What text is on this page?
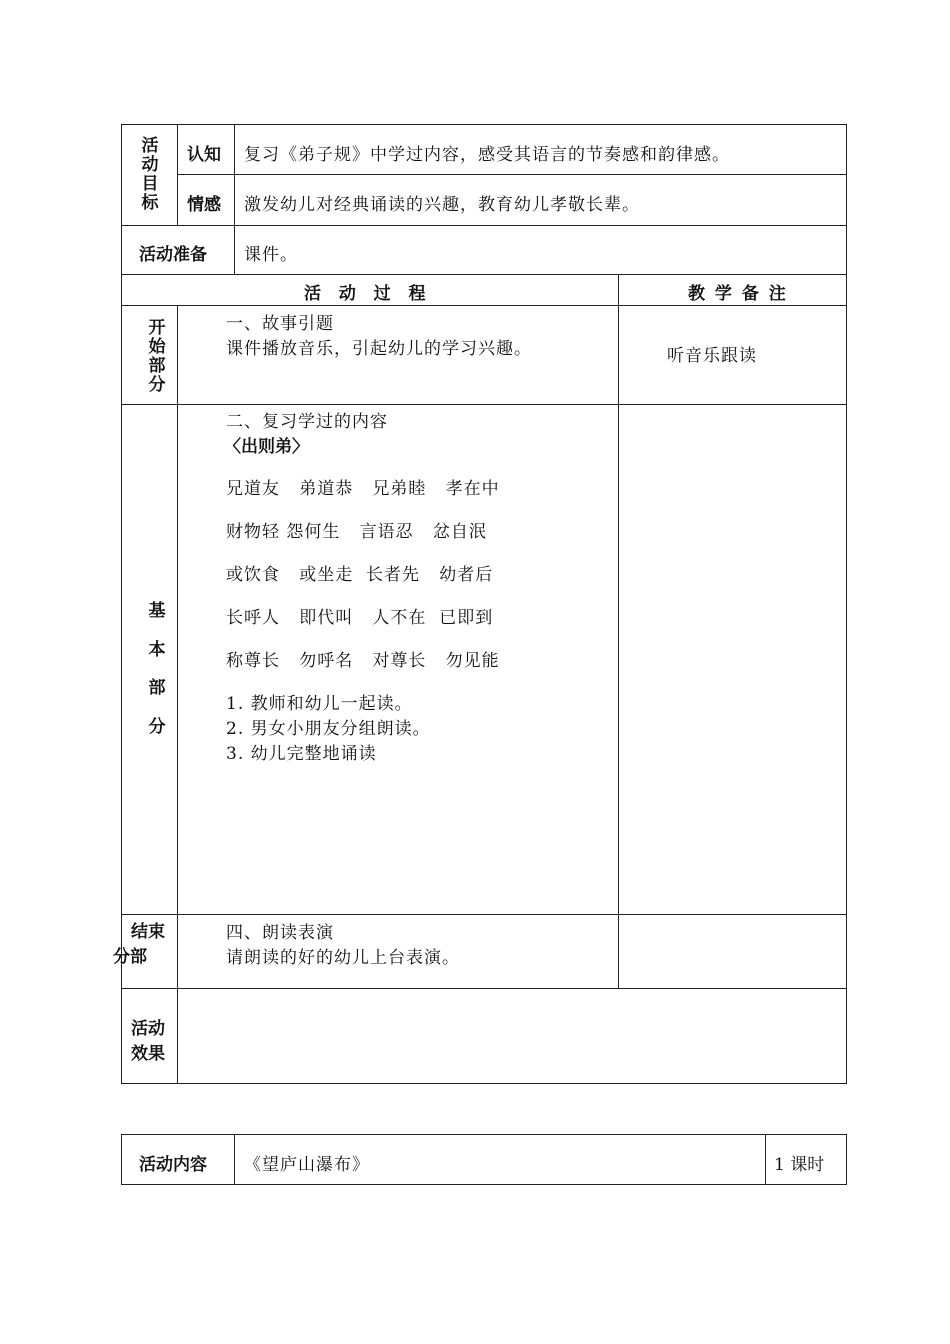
活
动
目
标
认知 复习《弟子规》中学过内容，感受其语言的节奏感和韵律感。
情感 激发幼儿对经典诵读的兴趣，教育幼儿孝敬长辈。
活动准备 课件。
活  动  过  程	教 学 备 注
开
始
部
分
一、故事引题
课件播放音乐，引起幼儿的学习兴趣。	听音乐跟读
基
本
部
分
二、复习学过的内容
〈出则弟〉
兄道友   弟道恭   兄弟睦   孝在中
财物轻 怨何生   言语忍   忿自泯
或饮食   或坐走  长者先   幼者后
长呼人   即代叫   人不在  已即到
称尊长   勿呼名   对尊长   勿见能
1. 教师和幼儿一起读。
2. 男女小朋友分组朗读。
3. 幼儿完整地诵读
结束
分部
四、朗读表演
请朗读的好的幼儿上台表演。
活动
效果
活动内容 《望庐山瀑布》	1 课时
